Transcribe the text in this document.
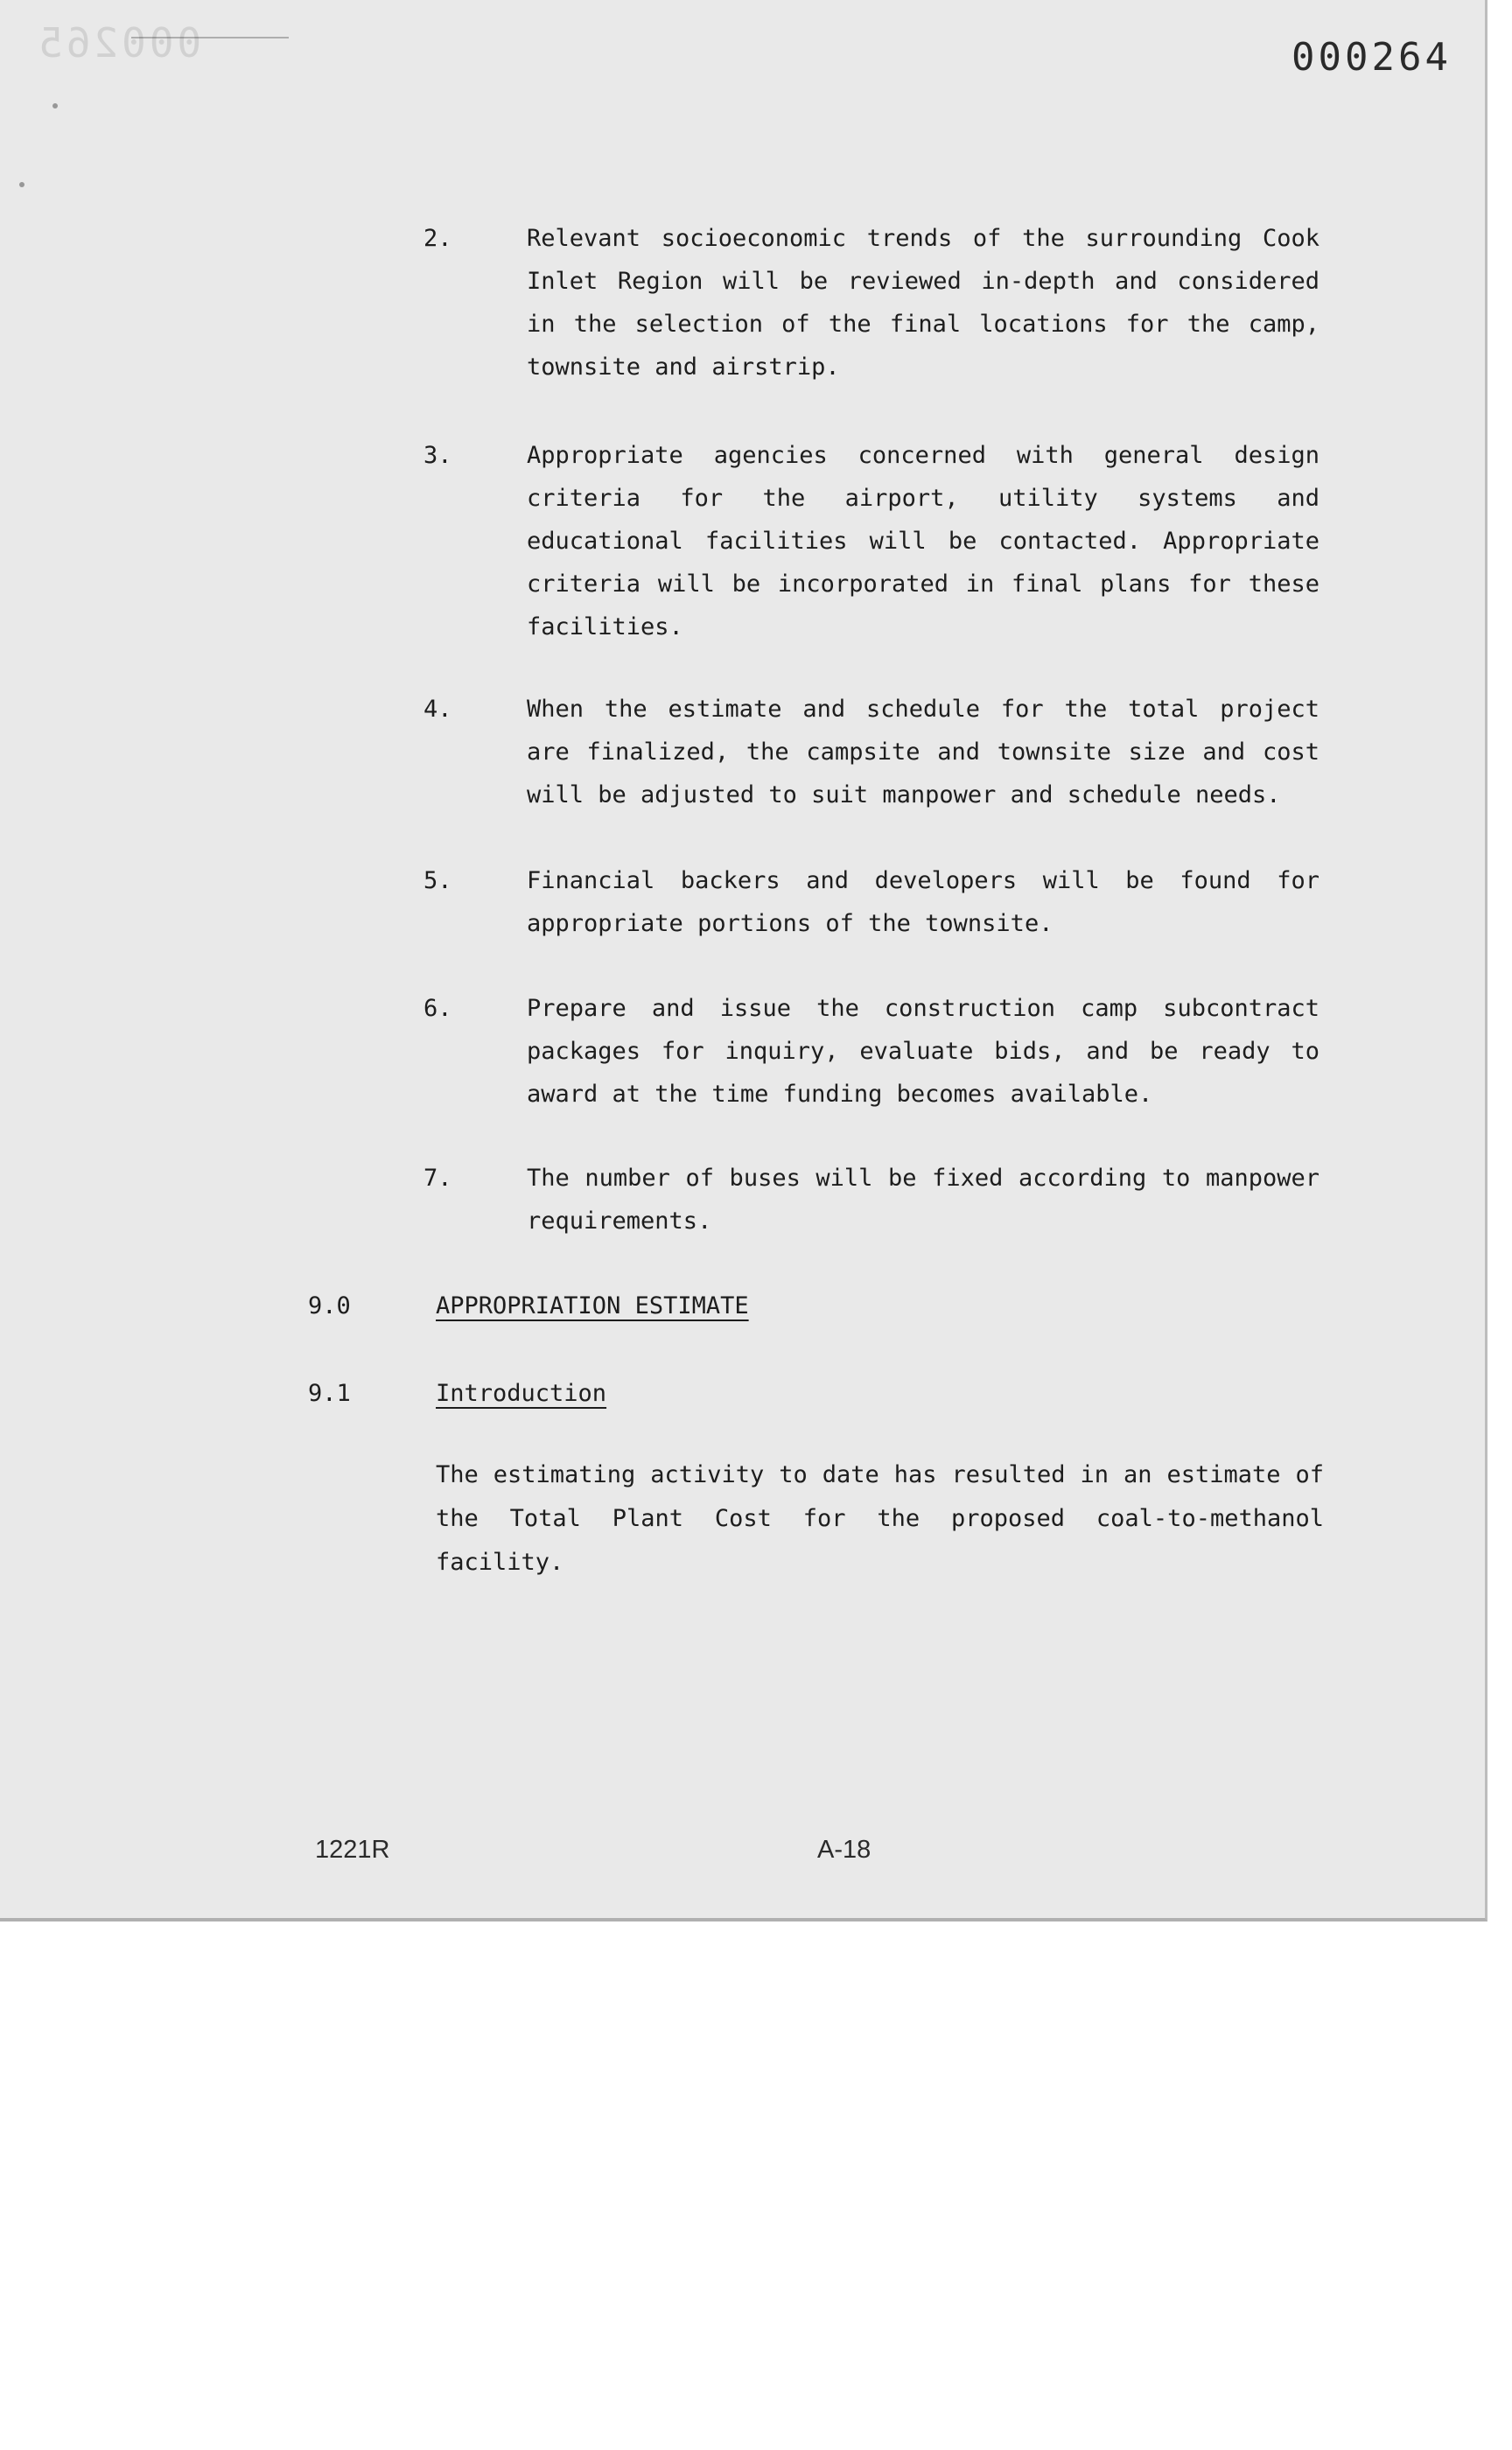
000265	000264
2.	Relevant socioeconomic trends of the surrounding Cook Inlet Region will be reviewed in-depth and considered in the selection of the final locations for the camp, townsite and airstrip.
3.	Appropriate agencies concerned with general design criteria for the airport, utility systems and educational facilities will be contacted. Appropriate criteria will be incorporated in final plans for these facilities.
4.	When the estimate and schedule for the total project are finalized, the campsite and townsite size and cost will be adjusted to suit manpower and schedule needs.
5.	Financial backers and developers will be found for appropriate portions of the townsite.
6.	Prepare and issue the construction camp subcontract packages for inquiry, evaluate bids, and be ready to award at the time funding becomes available.
7.	The number of buses will be fixed according to manpower requirements.
9.0	APPROPRIATION ESTIMATE
9.1	Introduction
The estimating activity to date has resulted in an estimate of the Total Plant Cost for the proposed coal-to-methanol facility.
1221R	A-18
